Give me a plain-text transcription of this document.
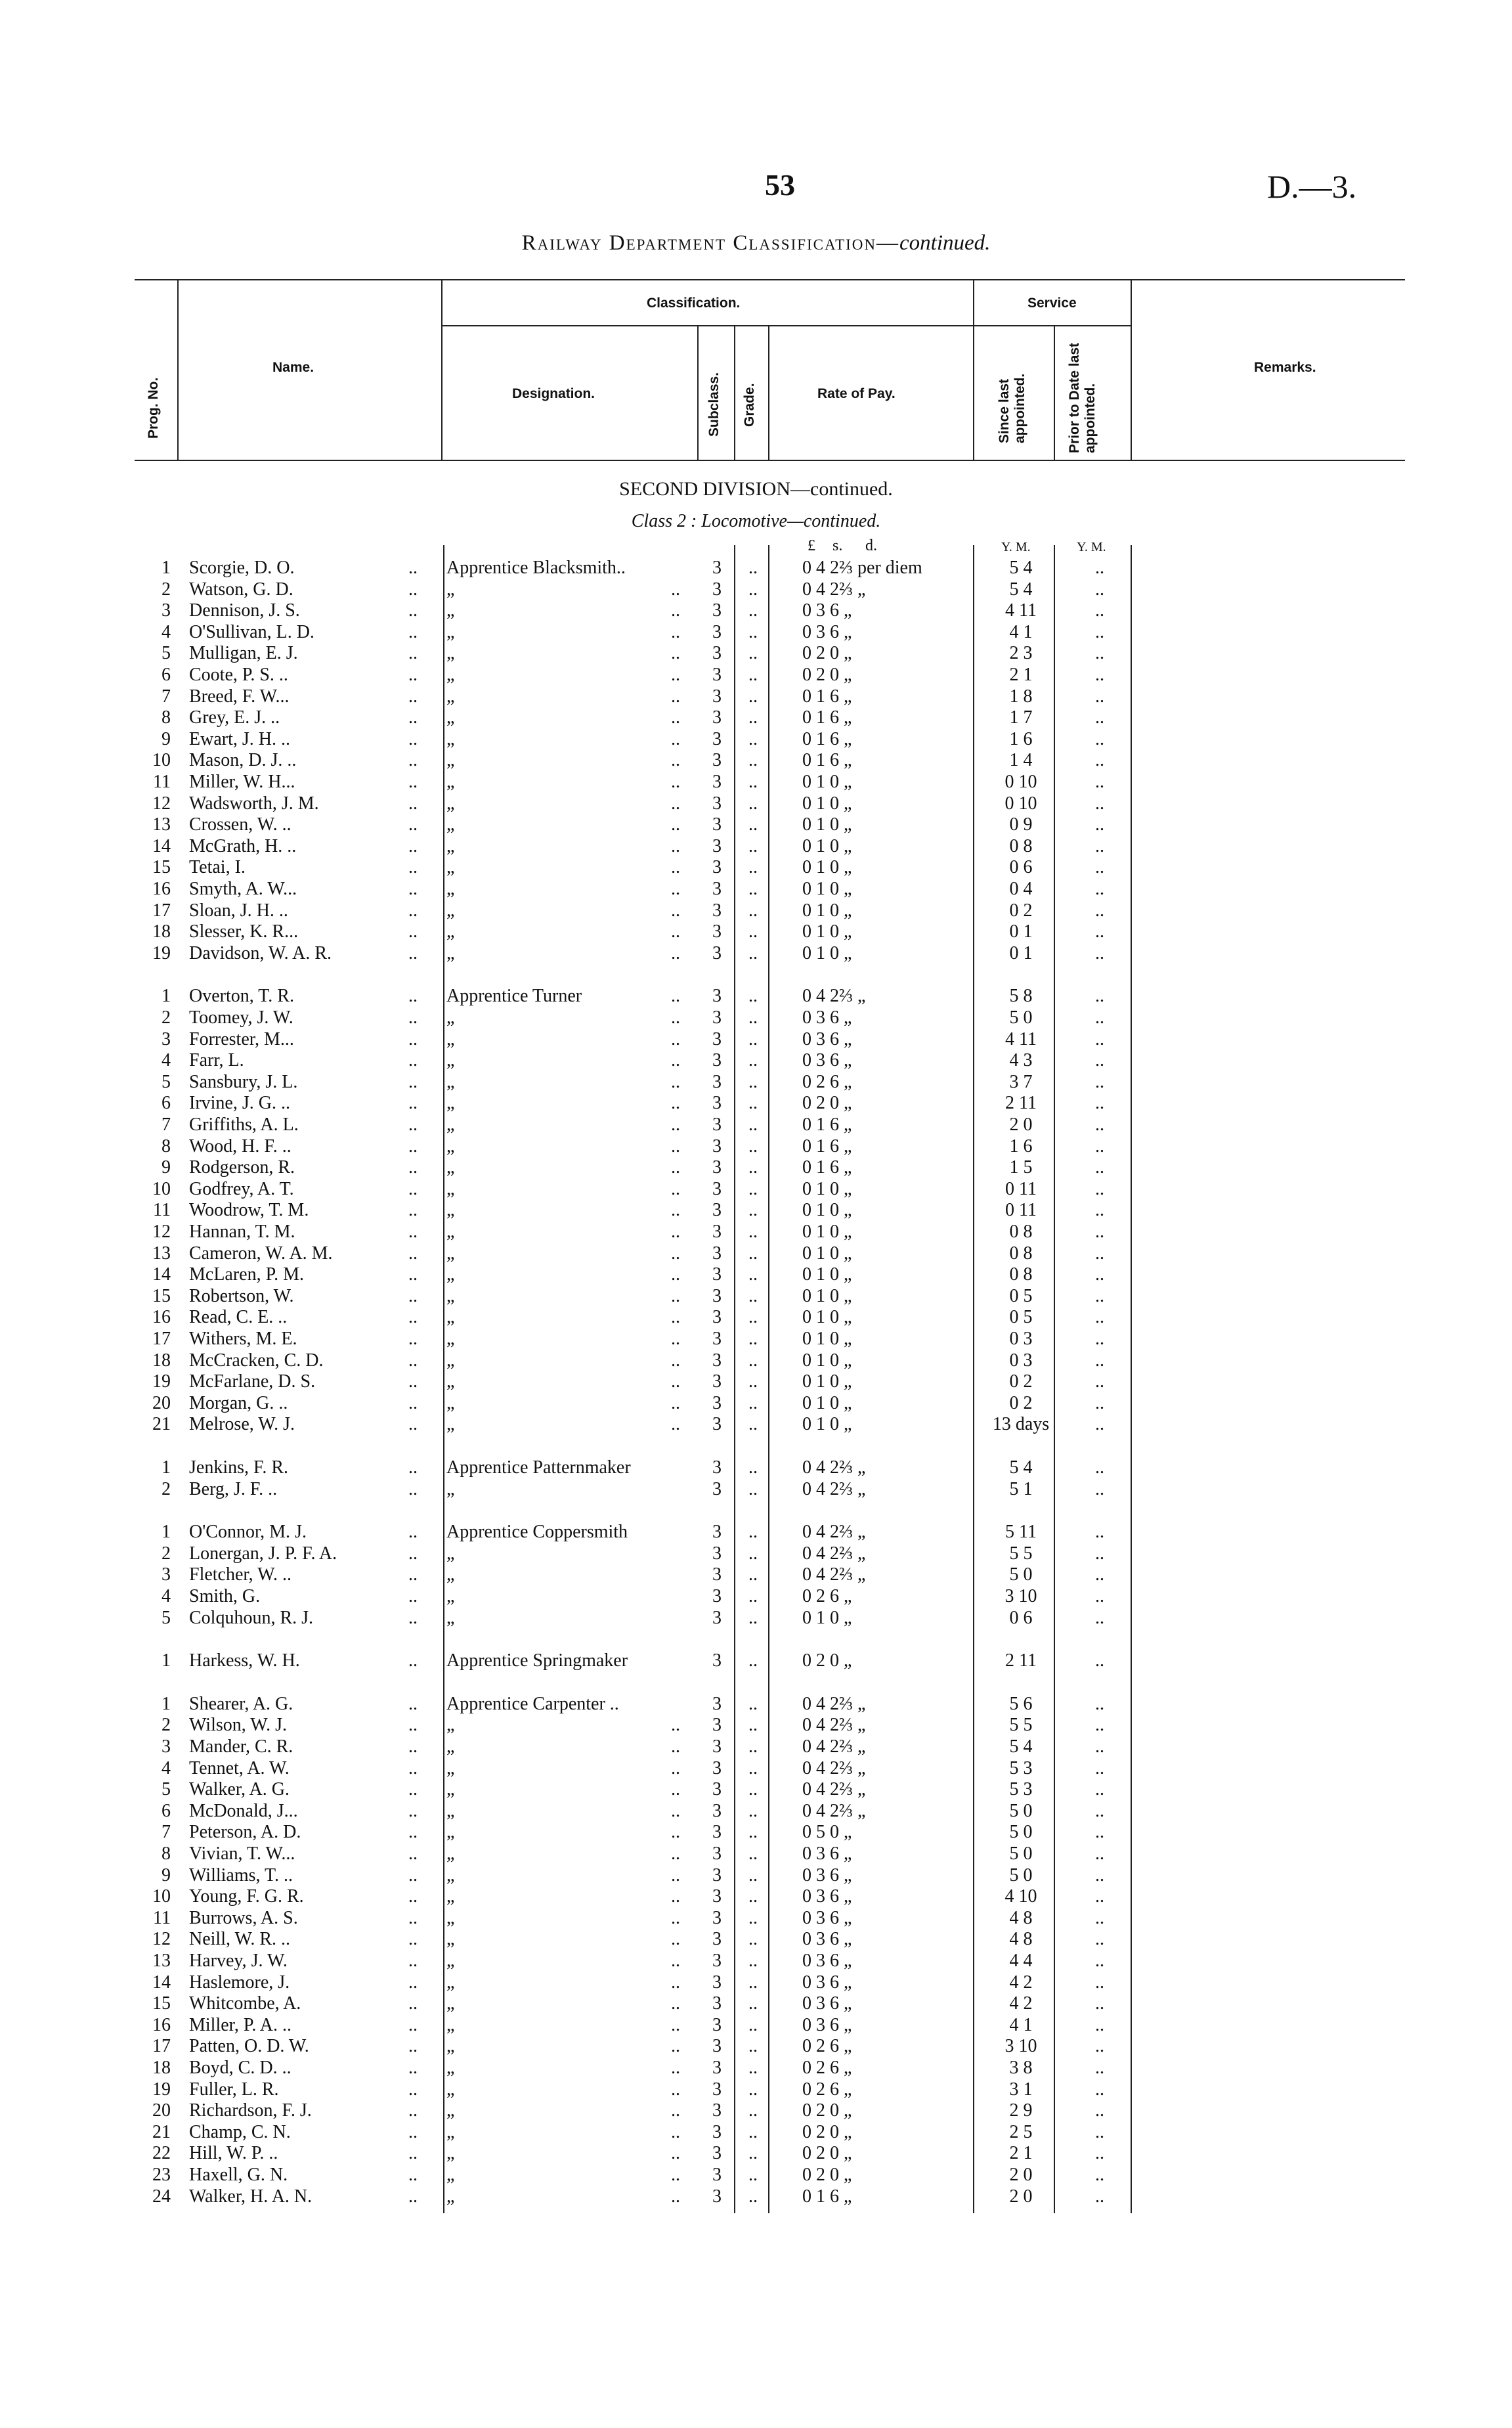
53	D.—3.
Railway Department Classification—continued.
Prog. No.
Name.
Classification.
Designation.	Subclass. Grade.	Rate of Pay.
Service
Since last appointed.	Prior to Date last appointed.
Remarks.
SECOND DIVISION—continued.
Class 2 : Locomotive—continued.
£ s. d.	Y. M.	Y. M.
1 Scorgie, D. O.	.. Apprentice Blacksmith..	3 .. 0 4 2⅔ per diem	5 4	..
2 Watson, G. D.	.. „	.. 3 .. 0 4 2⅔ „	5 4	..
3 Dennison, J. S.	.. „	.. 3 .. 0 3 6 „	4 11	..
4 O'Sullivan, L. D.	.. „	.. 3 .. 0 3 6 „	4 1	..
5 Mulligan, E. J.	.. „	.. 3 .. 0 2 0 „	2 3	..
6 Coote, P. S. ..	.. „	.. 3 .. 0 2 0 „	2 1	..
7 Breed, F. W...	.. „	.. 3 .. 0 1 6 „	1 8	..
8 Grey, E. J. ..	.. „	.. 3 .. 0 1 6 „	1 7	..
9 Ewart, J. H. ..	.. „	.. 3 .. 0 1 6 „	1 6	..
10 Mason, D. J. ..	.. „	.. 3 .. 0 1 6 „	1 4	..
11 Miller, W. H...	.. „	.. 3 .. 0 1 0 „	0 10	..
12 Wadsworth, J. M.	.. „	.. 3 .. 0 1 0 „	0 10	..
13 Crossen, W. ..	.. „	.. 3 .. 0 1 0 „	0 9	..
14 McGrath, H. ..	.. „	.. 3 .. 0 1 0 „	0 8	..
15 Tetai, I.	.. „	.. 3 .. 0 1 0 „	0 6	..
16 Smyth, A. W...	.. „	.. 3 .. 0 1 0 „	0 4	..
17 Sloan, J. H. ..	.. „	.. 3 .. 0 1 0 „	0 2	..
18 Slesser, K. R...	.. „	.. 3 .. 0 1 0 „	0 1	..
19 Davidson, W. A. R.	.. „	.. 3 .. 0 1 0 „	0 1	..
1 Overton, T. R.	.. Apprentice Turner	.. 3 .. 0 4 2⅔ „	5 8	..
2 Toomey, J. W.	.. „	.. 3 .. 0 3 6 „	5 0	..
3 Forrester, M...	.. „	.. 3 .. 0 3 6 „	4 11	..
4 Farr, L.	.. „	.. 3 .. 0 3 6 „	4 3	..
5 Sansbury, J. L.	.. „	.. 3 .. 0 2 6 „	3 7	..
6 Irvine, J. G. ..	.. „	.. 3 .. 0 2 0 „	2 11	..
7 Griffiths, A. L.	.. „	.. 3 .. 0 1 6 „	2 0	..
8 Wood, H. F. ..	.. „	.. 3 .. 0 1 6 „	1 6	..
9 Rodgerson, R.	.. „	.. 3 .. 0 1 6 „	1 5	..
10 Godfrey, A. T.	.. „	.. 3 .. 0 1 0 „	0 11	..
11 Woodrow, T. M.	.. „	.. 3 .. 0 1 0 „	0 11	..
12 Hannan, T. M.	.. „	.. 3 .. 0 1 0 „	0 8	..
13 Cameron, W. A. M.	.. „	.. 3 .. 0 1 0 „	0 8	..
14 McLaren, P. M.	.. „	.. 3 .. 0 1 0 „	0 8	..
15 Robertson, W.	.. „	.. 3 .. 0 1 0 „	0 5	..
16 Read, C. E. ..	.. „	.. 3 .. 0 1 0 „	0 5	..
17 Withers, M. E.	.. „	.. 3 .. 0 1 0 „	0 3	..
18 McCracken, C. D.	.. „	.. 3 .. 0 1 0 „	0 3	..
19 McFarlane, D. S.	.. „	.. 3 .. 0 1 0 „	0 2	..
20 Morgan, G. ..	.. „	.. 3 .. 0 1 0 „	0 2	..
21 Melrose, W. J.	.. „	.. 3 .. 0 1 0 „	13 days	..
1 Jenkins, F. R.	.. Apprentice Patternmaker	3 .. 0 4 2⅔ „	5 4	..
2 Berg, J. F. ..	.. „	3 .. 0 4 2⅔ „	5 1	..
1 O'Connor, M. J.	.. Apprentice Coppersmith	3 .. 0 4 2⅔ „	5 11	..
2 Lonergan, J. P. F. A.	.. „	3 .. 0 4 2⅔ „	5 5	..
3 Fletcher, W. ..	.. „	3 .. 0 4 2⅔ „	5 0	..
4 Smith, G.	.. „	3 .. 0 2 6 „	3 10	..
5 Colquhoun, R. J.	.. „	3 .. 0 1 0 „	0 6	..
1 Harkess, W. H.	.. Apprentice Springmaker	3 .. 0 2 0 „	2 11	..
1 Shearer, A. G.	.. Apprentice Carpenter ..	3 .. 0 4 2⅔ „	5 6	..
2 Wilson, W. J.	.. „	.. 3 .. 0 4 2⅔ „	5 5	..
3 Mander, C. R.	.. „	.. 3 .. 0 4 2⅔ „	5 4	..
4 Tennet, A. W.	.. „	.. 3 .. 0 4 2⅔ „	5 3	..
5 Walker, A. G.	.. „	.. 3 .. 0 4 2⅔ „	5 3	..
6 McDonald, J...	.. „	.. 3 .. 0 4 2⅔ „	5 0	..
7 Peterson, A. D.	.. „	.. 3 .. 0 5 0 „	5 0	..
8 Vivian, T. W...	.. „	.. 3 .. 0 3 6 „	5 0	..
9 Williams, T. ..	.. „	.. 3 .. 0 3 6 „	5 0	..
10 Young, F. G. R.	.. „	.. 3 .. 0 3 6 „	4 10	..
11 Burrows, A. S.	.. „	.. 3 .. 0 3 6 „	4 8	..
12 Neill, W. R. ..	.. „	.. 3 .. 0 3 6 „	4 8	..
13 Harvey, J. W.	.. „	.. 3 .. 0 3 6 „	4 4	..
14 Haslemore, J.	.. „	.. 3 .. 0 3 6 „	4 2	..
15 Whitcombe, A.	.. „	.. 3 .. 0 3 6 „	4 2	..
16 Miller, P. A. ..	.. „	.. 3 .. 0 3 6 „	4 1	..
17 Patten, O. D. W.	.. „	.. 3 .. 0 2 6 „	3 10	..
18 Boyd, C. D. ..	.. „	.. 3 .. 0 2 6 „	3 8	..
19 Fuller, L. R.	.. „	.. 3 .. 0 2 6 „	3 1	..
20 Richardson, F. J.	.. „	.. 3 .. 0 2 0 „	2 9	..
21 Champ, C. N.	.. „	.. 3 .. 0 2 0 „	2 5	..
22 Hill, W. P. ..	.. „	.. 3 .. 0 2 0 „	2 1	..
23 Haxell, G. N.	.. „	.. 3 .. 0 2 0 „	2 0	..
24 Walker, H. A. N.	.. „	.. 3 .. 0 1 6 „	2 0	..
